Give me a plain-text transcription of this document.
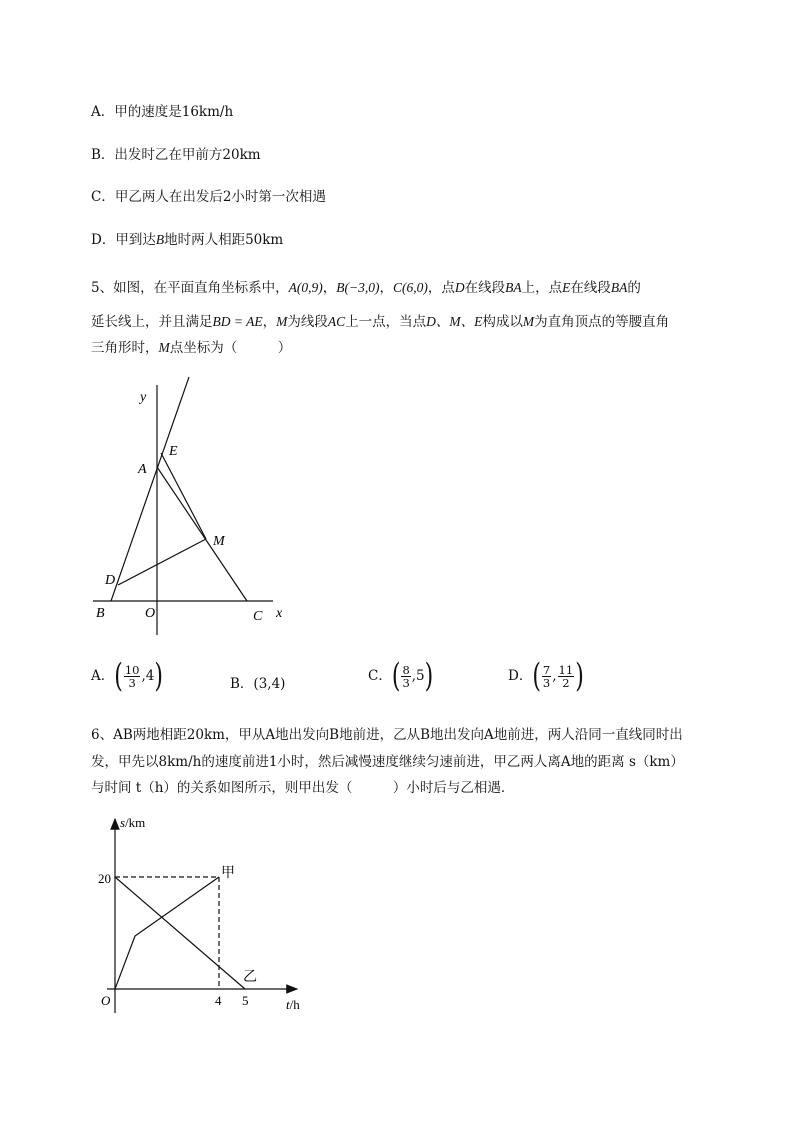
A．甲的速度是16km/h
B．出发时乙在甲前方20km
C．甲乙两人在出发后2小时第一次相遇
D．甲到达B地时两人相距50km
5、如图，在平面直角坐标系中，A(0,9)，B(−3,0)，C(6,0)，点D在线段BA上，点E在线段BA的
延长线上，并且满足BD = AE，M为线段AC上一点，当点D、M、E构成以M为直角顶点的等腰直角
三角形时，M点坐标为（　　　）
y
x
A
E
M
D
B	O	C
A．( $\frac{10}{3} ,4$)	B．(3,4)	C．( $\frac{8}{3} ,5$)	D．( $\frac{7}{3}$ , $\frac{11}{2}$ )
6、AB两地相距20km，甲从A地出发向B地前进，乙从B地出发向A地前进，两人沿同一直线同时出
发，甲先以8km/h的速度前进1小时，然后减慢速度继续匀速前进，甲乙两人离A地的距离 s（km）
与时间 t（h）的关系如图所示，则甲出发（　　　）小时后与乙相遇．
s/km
t/h
20
4 5
O
甲
乙
